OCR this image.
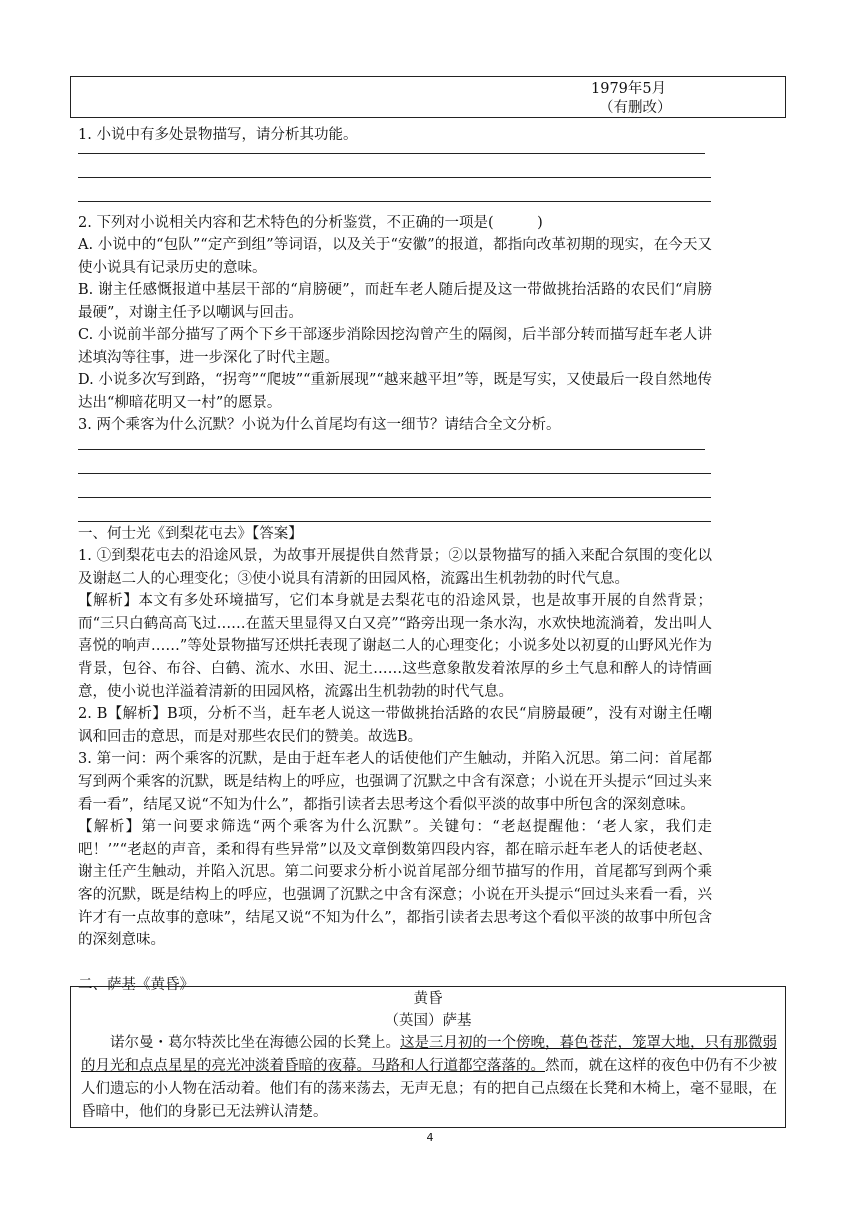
1979年5月
（有删改）

1. 小说中有多处景物描写，请分析其功能。

2. 下列对小说相关内容和艺术特色的分析鉴赏，不正确的一项是(　　　)

A. 小说中的“包队”“定产到组”等词语，以及关于“安徽”的报道，都指向改革初期的现实，在今天又使小说具有记录历史的意味。

B. 谢主任感慨报道中基层干部的“肩膀硬”，而赶车老人随后提及这一带做挑抬活路的农民们“肩膀最硬”，对谢主任予以嘲讽与回击。

C. 小说前半部分描写了两个下乡干部逐步消除因挖沟曾产生的隔阂，后半部分转而描写赶车老人讲述填沟等往事，进一步深化了时代主题。

D. 小说多次写到路，“拐弯”“爬坡”“重新展现”“越来越平坦”等，既是写实，又使最后一段自然地传达出“柳暗花明又一村”的愿景。

3. 两个乘客为什么沉默？小说为什么首尾均有这一细节？请结合全文分析。

一、何士光《到梨花屯去》【答案】

1. ①到梨花屯去的沿途风景，为故事开展提供自然背景；②以景物描写的插入来配合氛围的变化以及谢赵二人的心理变化；③使小说具有清新的田园风格，流露出生机勃勃的时代气息。

【解析】本文有多处环境描写，它们本身就是去梨花屯的沿途风景，也是故事开展的自然背景；而“三只白鹤高高飞过……在蓝天里显得又白又亮”“路旁出现一条水沟，水欢快地流淌着，发出叫人喜悦的响声……”等处景物描写还烘托表现了谢赵二人的心理变化；小说多处以初夏的山野风光作为背景，包谷、布谷、白鹤、流水、水田、泥土……这些意象散发着浓厚的乡土气息和醉人的诗情画意，使小说也洋溢着清新的田园风格，流露出生机勃勃的时代气息。

2. B【解析】B项，分析不当，赶车老人说这一带做挑抬活路的农民“肩膀最硬”，没有对谢主任嘲讽和回击的意思，而是对那些农民们的赞美。故选B。

3. 第一问：两个乘客的沉默，是由于赶车老人的话使他们产生触动，并陷入沉思。第二问：首尾都写到两个乘客的沉默，既是结构上的呼应，也强调了沉默之中含有深意；小说在开头提示“回过头来看一看”，结尾又说“不知为什么”，都指引读者去思考这个看似平淡的故事中所包含的深刻意味。

【解析】第一问要求筛选“两个乘客为什么沉默”。关键句：“老赵提醒他：‘老人家，我们走吧！’”“老赵的声音，柔和得有些异常”以及文章倒数第四段内容，都在暗示赶车老人的话使老赵、谢主任产生触动，并陷入沉思。第二问要求分析小说首尾部分细节描写的作用，首尾都写到两个乘客的沉默，既是结构上的呼应，也强调了沉默之中含有深意；小说在开头提示“回过头来看一看，兴许才有一点故事的意味”，结尾又说“不知为什么”，都指引读者去思考这个看似平淡的故事中所包含的深刻意味。

二、萨基《黄昏》

黄昏

（英国）萨基

诺尔曼・葛尔特茨比坐在海德公园的长凳上。这是三月初的一个傍晚，暮色苍茫，笼罩大地，只有那微弱的月光和点点星星的亮光冲淡着昏暗的夜幕。马路和人行道都空落落的。然而，就在这样的夜色中仍有不少被人们遗忘的小人物在活动着。他们有的荡来荡去，无声无息；有的把自己点缀在长凳和木椅上，毫不显眼，在昏暗中，他们的身影已无法辨认清楚。

4
